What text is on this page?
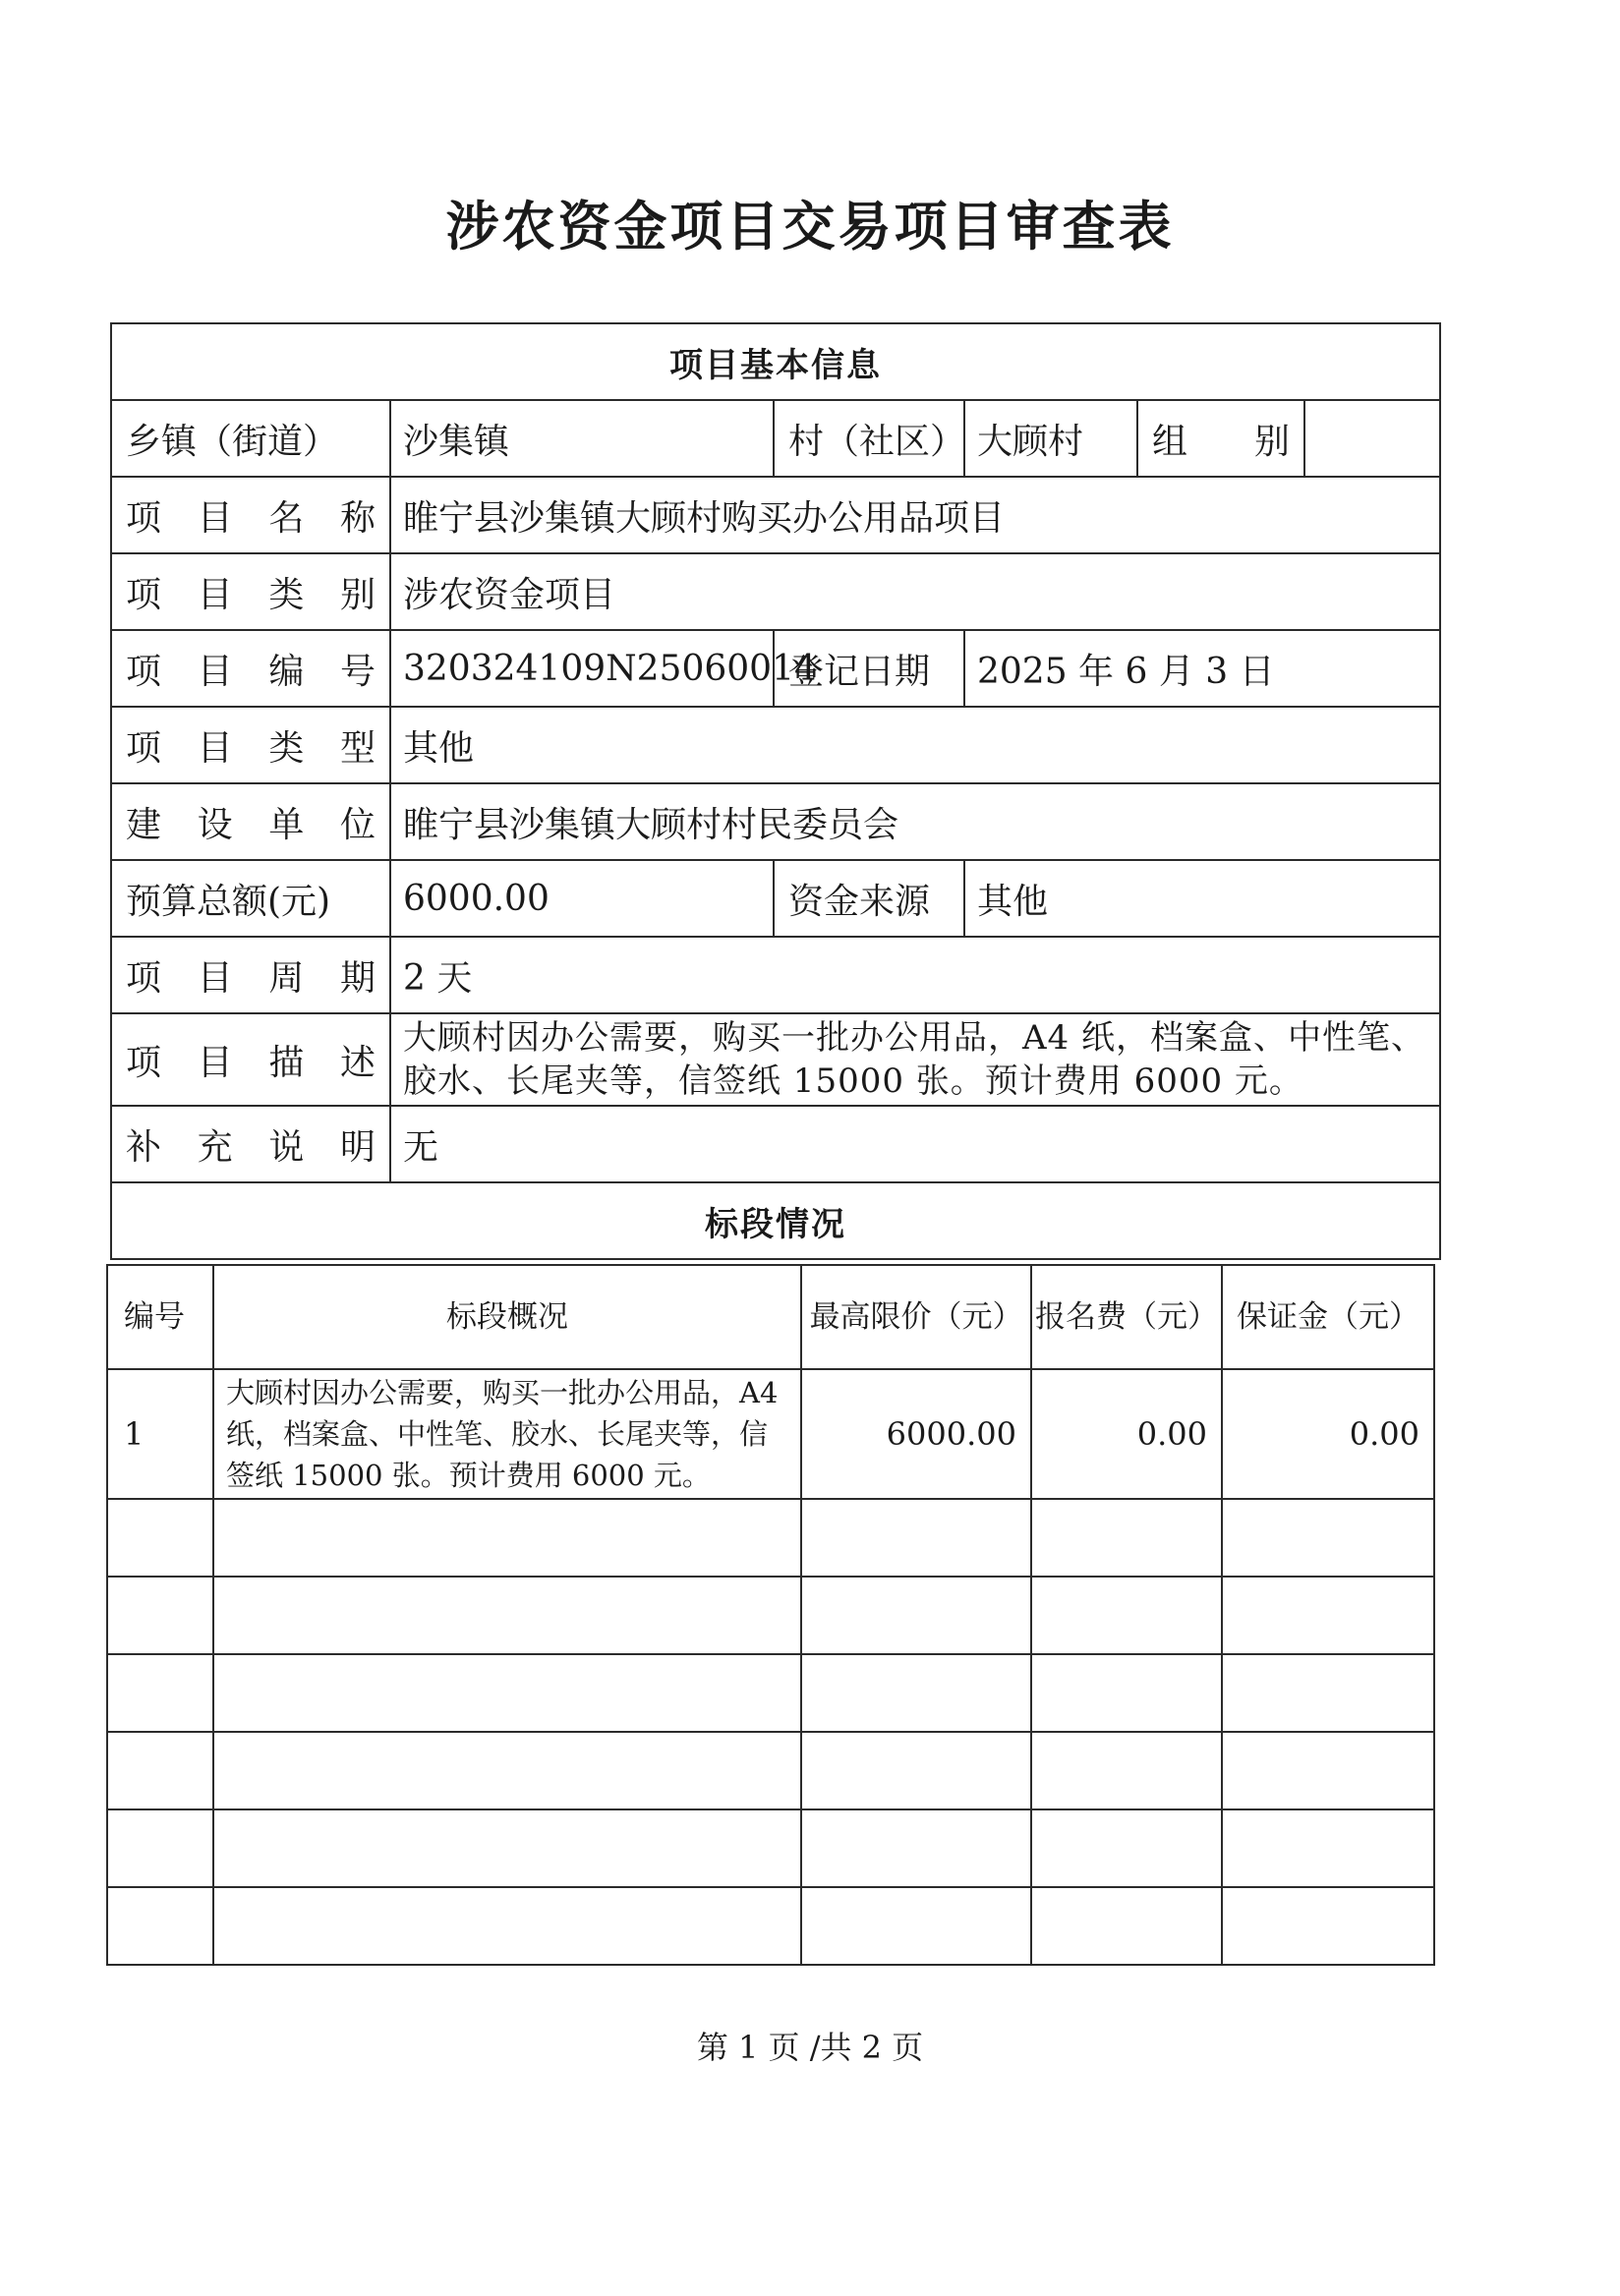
涉农资金项目交易项目审查表
项目基本信息					
乡镇（街道）	沙集镇	村（社区）	大顾村	组 别	
项目名称	睢宁县沙集镇大顾村购买办公用品项目				
项目类别	涉农资金项目				
项目编号	320324109N25060014	登记日期	2025 年 6 月 3 日		
项目类型	其他				
建设单位	睢宁县沙集镇大顾村村民委员会				
预算总额(元)	6000.00	资金来源	其他		
项目周期	2 天				
项目描述	大顾村因办公需要，购买一批办公用品，A4 纸，档案盒、中性笔、胶水、长尾夹等，信签纸 15000 张。预计费用 6000 元。				
补充说明	无				
标段情况					
编号	标段概况	最高限价（元）	报名费（元）	保证金（元）
1	大顾村因办公需要，购买一批办公用品，A4 纸，档案盒、中性笔、胶水、长尾夹等，信签纸 15000 张。预计费用 6000 元。	6000.00	0.00	0.00

第 1 页 /共 2 页
